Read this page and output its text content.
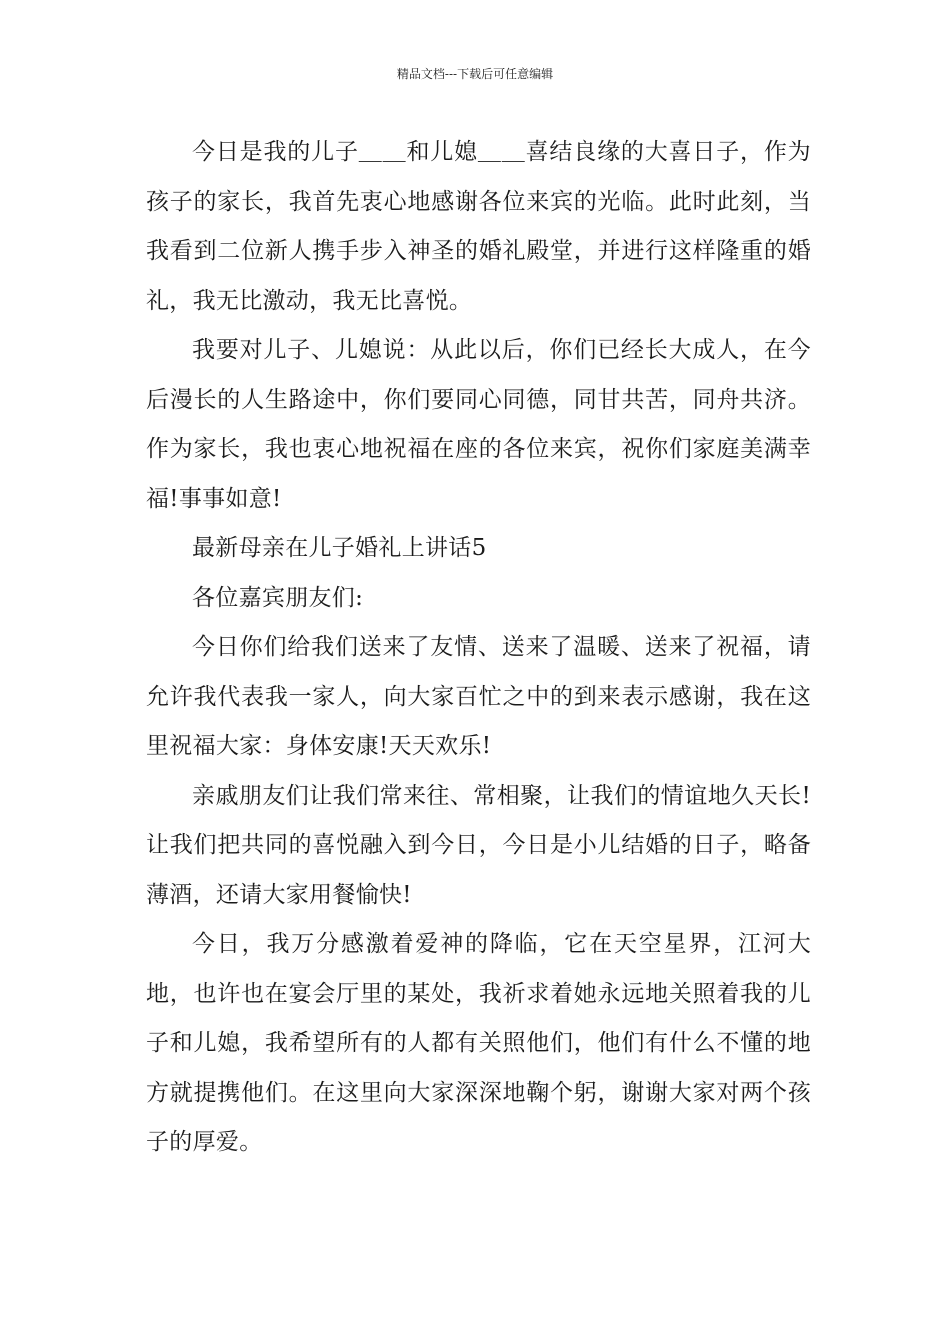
精品文档---下载后可任意编辑

今日是我的儿子＿＿和儿媳＿＿喜结良缘的大喜日子，作为孩子的家长，我首先衷心地感谢各位来宾的光临。此时此刻，当我看到二位新人携手步入神圣的婚礼殿堂，并进行这样隆重的婚礼，我无比激动，我无比喜悦。

我要对儿子、儿媳说：从此以后，你们已经长大成人，在今后漫长的人生路途中，你们要同心同德，同甘共苦，同舟共济。作为家长，我也衷心地祝福在座的各位来宾，祝你们家庭美满幸福!事事如意!

最新母亲在儿子婚礼上讲话5

各位嘉宾朋友们:

今日你们给我们送来了友情、送来了温暖、送来了祝福，请允许我代表我一家人，向大家百忙之中的到来表示感谢，我在这里祝福大家：身体安康!天天欢乐!

亲戚朋友们让我们常来往、常相聚，让我们的情谊地久天长!让我们把共同的喜悦融入到今日，今日是小儿结婚的日子，略备薄酒，还请大家用餐愉快!

今日，我万分感激着爱神的降临，它在天空星界，江河大地，也许也在宴会厅里的某处，我祈求着她永远地关照着我的儿子和儿媳，我希望所有的人都有关照他们，他们有什么不懂的地方就提携他们。在这里向大家深深地鞠个躬，谢谢大家对两个孩子的厚爱。
